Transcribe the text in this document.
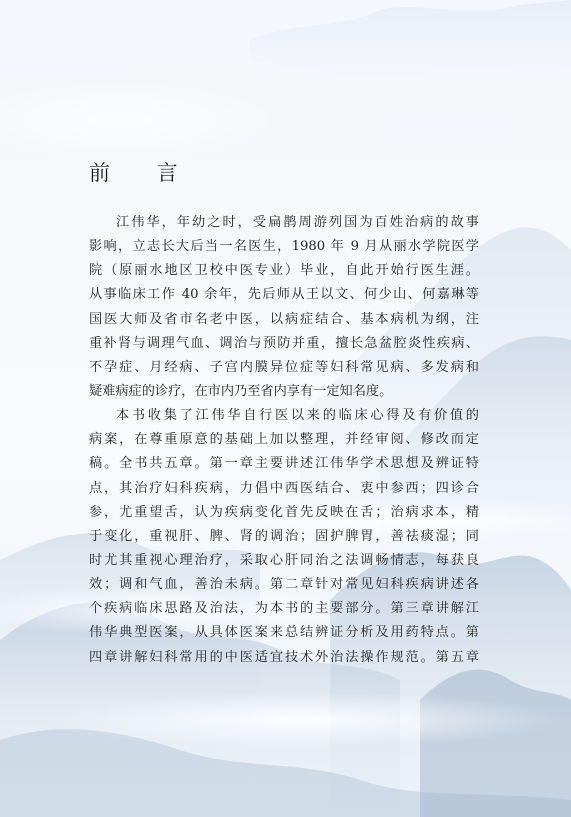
前 言
江伟华，年幼之时，受扁鹊周游列国为百姓治病的故事
影响，立志长大后当一名医生，1980 年 9 月从丽水学院医学
院（原丽水地区卫校中医专业）毕业，自此开始行医生涯。
从事临床工作 40 余年，先后师从王以文、何少山、何嘉琳等
国医大师及省市名老中医，以病症结合、基本病机为纲，注
重补肾与调理气血、调治与预防并重，擅长急盆腔炎性疾病、
不孕症、月经病、子宫内膜异位症等妇科常见病、多发病和
疑难病症的诊疗，在市内乃至省内享有一定知名度。
本书收集了江伟华自行医以来的临床心得及有价值的
病案，在尊重原意的基础上加以整理，并经审阅、修改而定
稿。全书共五章。第一章主要讲述江伟华学术思想及辨证特
点，其治疗妇科疾病，力倡中西医结合、衷中参西；四诊合
参，尤重望舌，认为疾病变化首先反映在舌；治病求本，精
于变化，重视肝、脾、肾的调治；固护脾胃，善祛痰湿；同
时尤其重视心理治疗，采取心肝同治之法调畅情志，每获良
效；调和气血，善治未病。第二章针对常见妇科疾病讲述各
个疾病临床思路及治法，为本书的主要部分。第三章讲解江
伟华典型医案，从具体医案来总结辨证分析及用药特点。第
四章讲解妇科常用的中医适宜技术外治法操作规范。第五章
